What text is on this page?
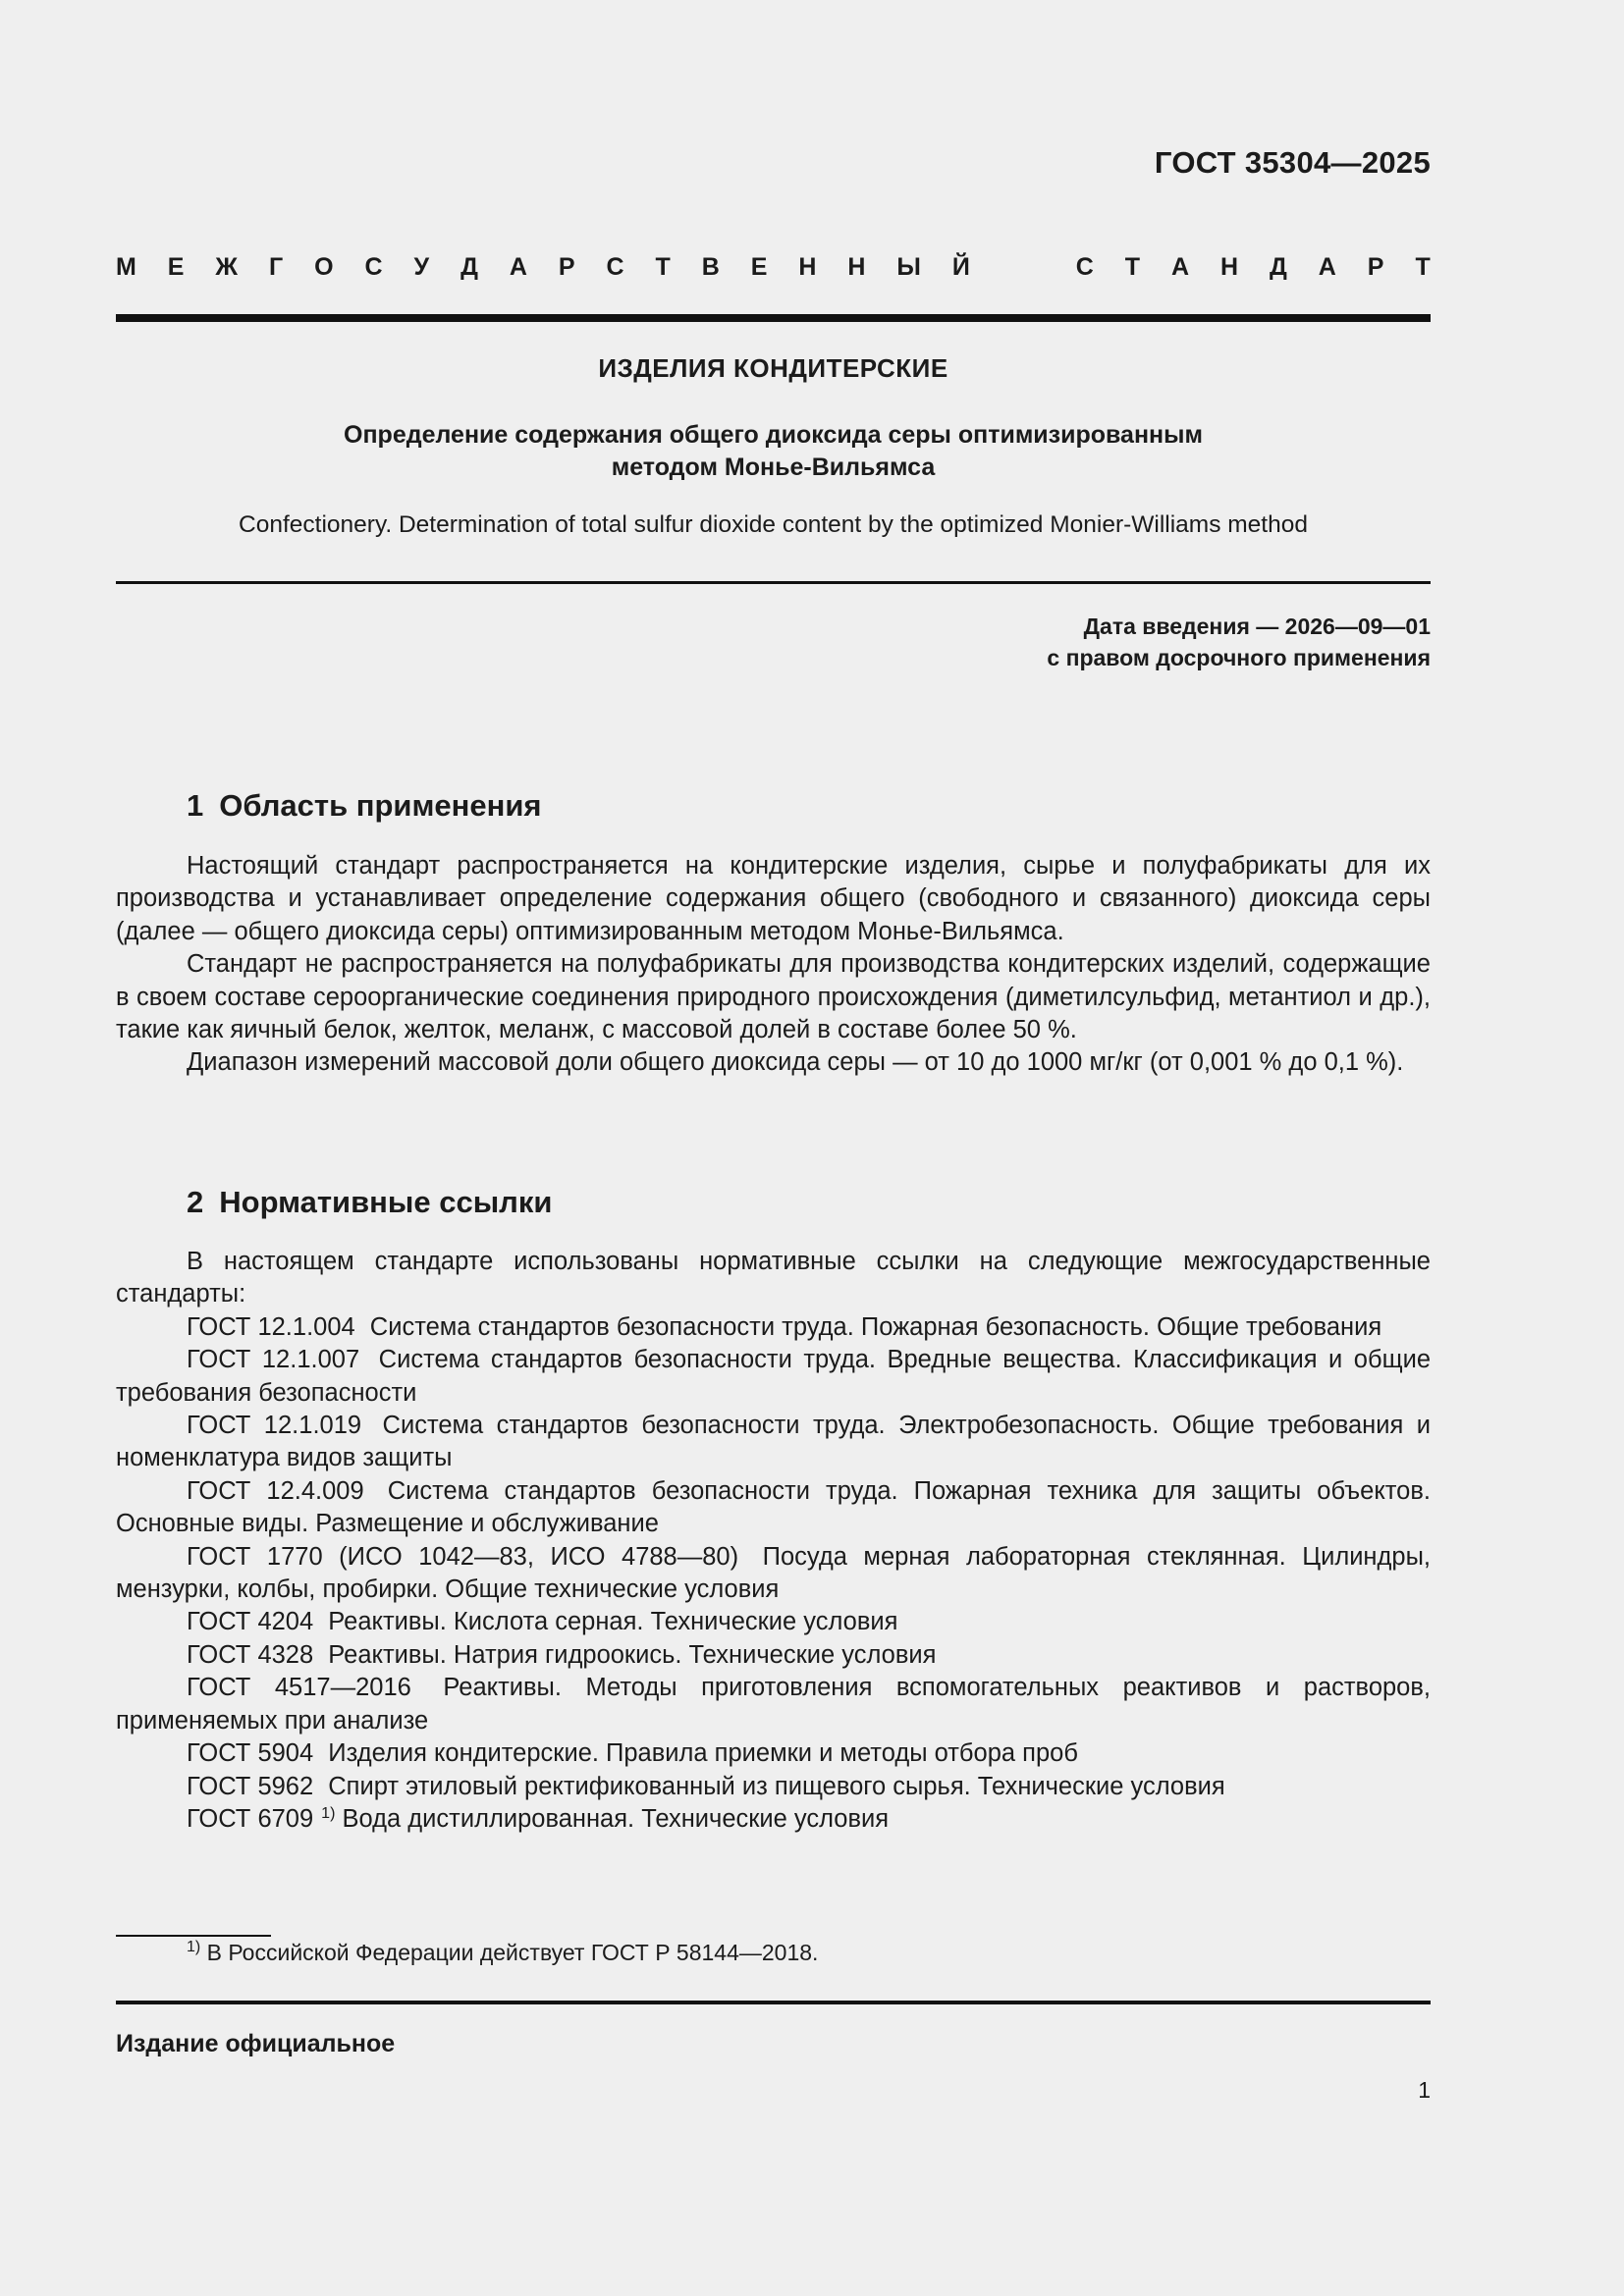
ГОСТ 35304—2025
М Е Ж Г О С У Д А Р С Т В Е Н Н Ы Й	С Т А Н Д А Р Т
ИЗДЕЛИЯ КОНДИТЕРСКИЕ
Определение содержания общего диоксида серы оптимизированным
методом Монье-Вильямса
Confectionery. Determination of total sulfur dioxide content by the optimized Monier-Williams method
Дата введения — 2026—09—01
с правом досрочного применения
1 Область применения

Настоящий стандарт распространяется на кондитерские изделия, сырье и полуфабрикаты для их производства и устанавливает определение содержания общего (свободного и связанного) диоксида серы (далее — общего диоксида серы) оптимизированным методом Монье-Вильямса.

Стандарт не распространяется на полуфабрикаты для производства кондитерских изделий, содержащие в своем составе сероорганические соединения природного происхождения (диметилсульфид, метантиол и др.), такие как яичный белок, желток, меланж, с массовой долей в составе более 50 %.

Диапазон измерений массовой доли общего диоксида серы — от 10 до 1000 мг/кг (от 0,001 % до 0,1 %).

2 Нормативные ссылки

В настоящем стандарте использованы нормативные ссылки на следующие межгосударственные стандарты:

ГОСТ 12.1.004 Система стандартов безопасности труда. Пожарная безопасность. Общие требования

ГОСТ 12.1.007 Система стандартов безопасности труда. Вредные вещества. Классификация и общие требования безопасности

ГОСТ 12.1.019 Система стандартов безопасности труда. Электробезопасность. Общие требования и номенклатура видов защиты

ГОСТ 12.4.009 Система стандартов безопасности труда. Пожарная техника для защиты объектов. Основные виды. Размещение и обслуживание

ГОСТ 1770 (ИСО 1042—83, ИСО 4788—80) Посуда мерная лабораторная стеклянная. Цилиндры, мензурки, колбы, пробирки. Общие технические условия

ГОСТ 4204 Реактивы. Кислота серная. Технические условия

ГОСТ 4328 Реактивы. Натрия гидроокись. Технические условия

ГОСТ 4517—2016 Реактивы. Методы приготовления вспомогательных реактивов и растворов, применяемых при анализе

ГОСТ 5904 Изделия кондитерские. Правила приемки и методы отбора проб

ГОСТ 5962 Спирт этиловый ректификованный из пищевого сырья. Технические условия

ГОСТ 6709 $^{1)}$ Вода дистиллированная. Технические условия

$^{1)}$ В Российской Федерации действует ГОСТ Р 58144—2018.
Издание официальное
1
